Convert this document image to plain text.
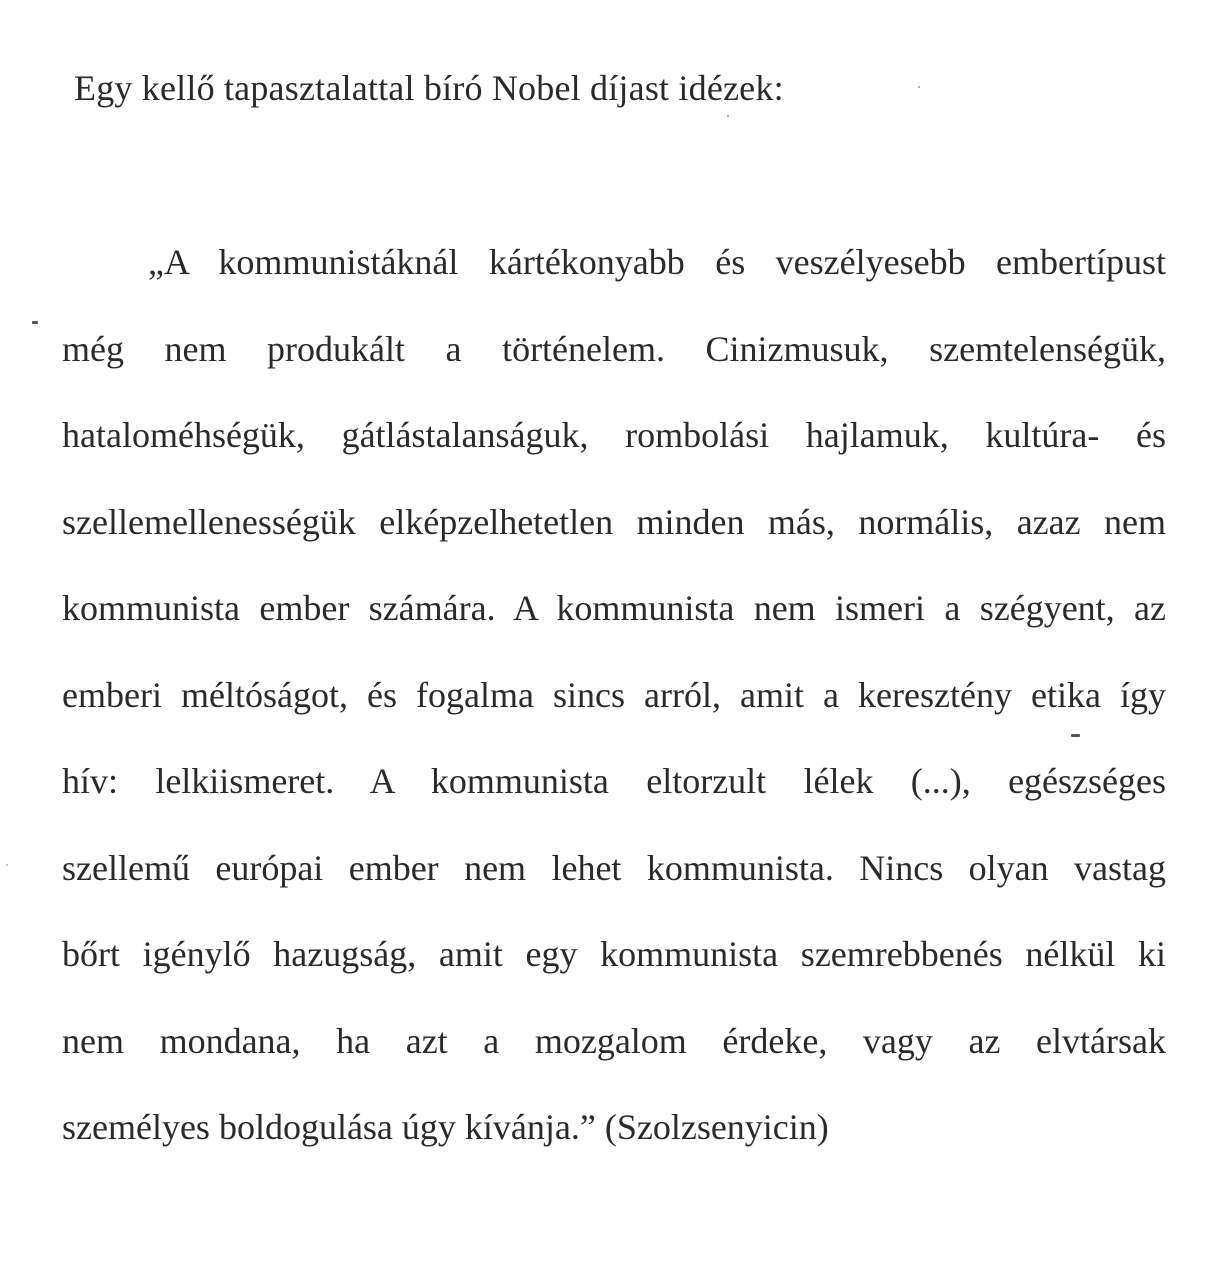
Egy kellő tapasztalattal bíró Nobel díjast idézek:
„A kommunistáknál kártékonyabb és veszélyesebb embertípust
még nem produkált a történelem. Cinizmusuk, szemtelenségük,
hataloméhségük, gátlástalanságuk, rombolási hajlamuk, kultúra- és
szellemellenességük elképzelhetetlen minden más, normális, azaz nem
kommunista ember számára. A kommunista nem ismeri a szégyent, az
emberi méltóságot, és fogalma sincs arról, amit a keresztény etika így
hív: lelkiismeret. A kommunista eltorzult lélek (...), egészséges
szellemű európai ember nem lehet kommunista. Nincs olyan vastag
bőrt igénylő hazugság, amit egy kommunista szemrebbenés nélkül ki
nem mondana, ha azt a mozgalom érdeke, vagy az elvtársak
személyes boldogulása úgy kívánja.” (Szolzsenyicin)
